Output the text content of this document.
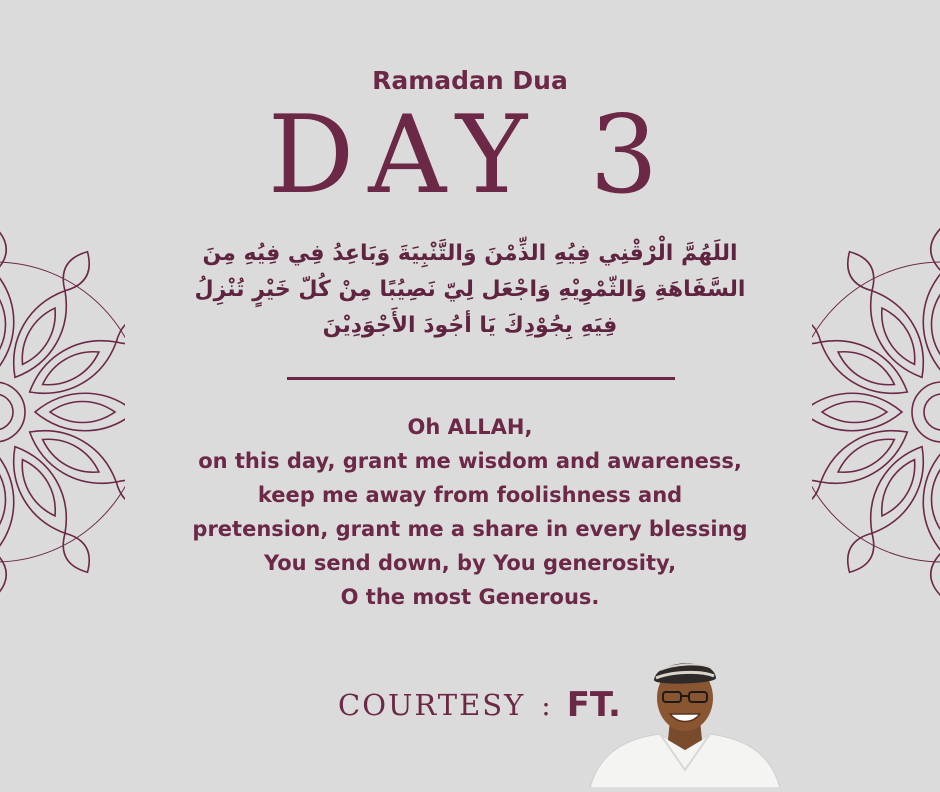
Ramadan Dua
DAY 3
اللَهُمَّ الْرْقْنِي فِيُهِ الذِّمْنَ وَالتَّنْبِيَةَ وَبَاعِدُ فِي فِيُهِ مِنَ
السَّفَاهَةِ وَالثّمْوِيْهِ وَاجْعَل لِيّ نَصِيُبًا مِنْ كُلّ خَيْرٍ تُنْزِلُ
فِيَهِ بِجُوْدِكَ يَا أجُودَ الأَجْوَدِيْنَ
Oh ALLAH,
on this day, grant me wisdom and awareness,
keep me away from foolishness and
pretension, grant me a share in every blessing
You send down, by You generosity,
O the most Generous.
COURTESY : FT.
